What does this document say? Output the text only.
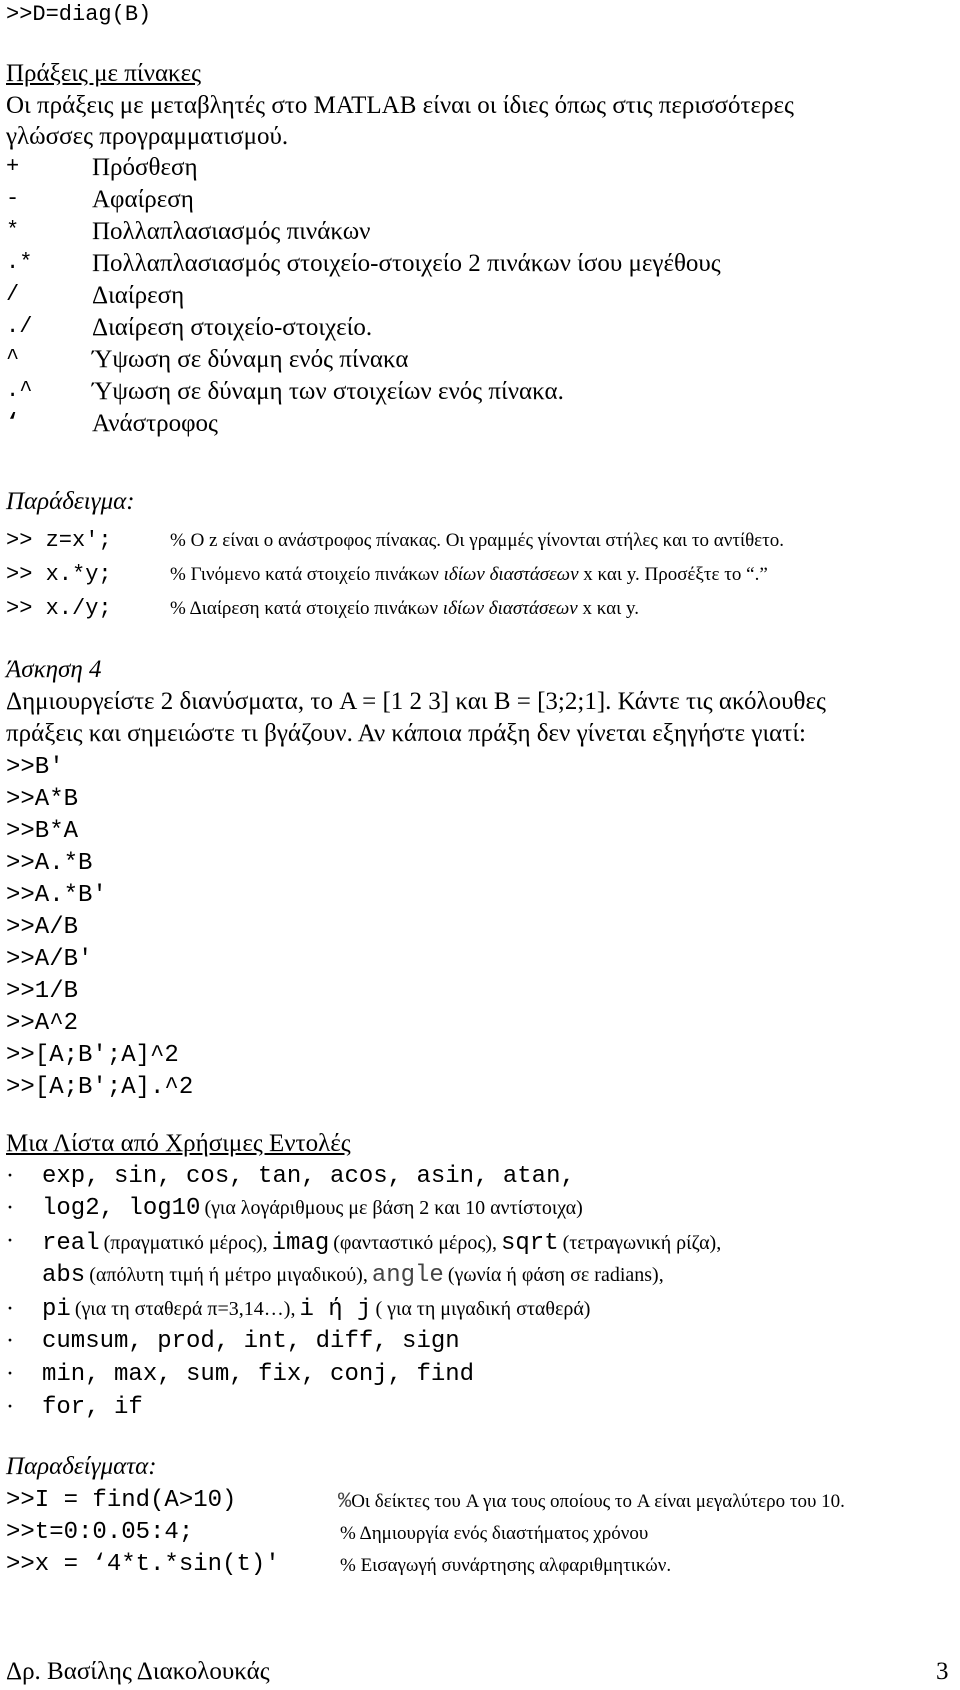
>>D=diag(B)
Πράξεις με πίνακες
Οι πράξεις με μεταβλητές στο MATLAB είναι οι ίδιες όπως στις περισσότερες
γλώσσες προγραμματισμού.
+	Πρόσθεση
-	Αφαίρεση
*	Πολλαπλασιασμός πινάκων
.* Πολλαπλασιασμός στοιχείο-στοιχείο 2 πινάκων ίσου μεγέθους
/	Διαίρεση
./ Διαίρεση στοιχείο-στοιχείο.
^	Ύψωση σε δύναμη ενός πίνακα
.^ Ύψωση σε δύναμη των στοιχείων ενός πίνακα.
‘	Ανάστροφος
Παράδειγμα:
>> z=x′;	% Ο z είναι ο ανάστροφος πίνακας. Οι γραμμές γίνονται στήλες και το αντίθετο.
>> x.*y;	% Γινόμενο κατά στοιχείο πινάκων ιδίων διαστάσεων x και y. Προσέξτε το “.”
>> x./y;	% Διαίρεση κατά στοιχείο πινάκων ιδίων διαστάσεων x και y.
Άσκηση 4
Δημιουργείστε 2 διανύσματα, το A = [1 2 3] και B = [3;2;1]. Κάντε τις ακόλουθες
πράξεις και σημειώστε τι βγάζουν. Αν κάποια πράξη δεν γίνεται εξηγήστε γιατί:
>>B′
>>A*B
>>B*A
>>A.*B
>>A.*B′
>>A/B
>>A/B′
>>1/B
>>A^2
>>[A;B′;A]^2
>>[A;B′;A].^2
Μια Λίστα από Χρήσιμες Εντολές
· exp, sin, cos, tan, acos, asin, atan,
· log2, log10 (για λογάριθμους με βάση 2 και 10 αντίστοιχα)
· real (πραγματικό μέρος), imag (φανταστικό μέρος), sqrt (τετραγωνική ρίζα),
abs (απόλυτη τιμή ή μέτρο μιγαδικού), angle (γωνία ή φάση σε radians),
· pi (για τη σταθερά π=3,14…), i ή j ( για τη μιγαδική σταθερά)
· cumsum, prod, int, diff, sign
· min, max, sum, fix, conj, find
· for, if
Παραδείγματα:
>>I = find(A>10)	%Οι δείκτες του A για τους οποίους το A είναι μεγαλύτερο του 10.
>>t=0:0.05:4;	% Δημιουργία ενός διαστήματος χρόνου
>>x = ‘4*t.*sin(t)′	% Εισαγωγή συνάρτησης αλφαριθμητικών.
Δρ. Βασίλης Διακολουκάς	3
